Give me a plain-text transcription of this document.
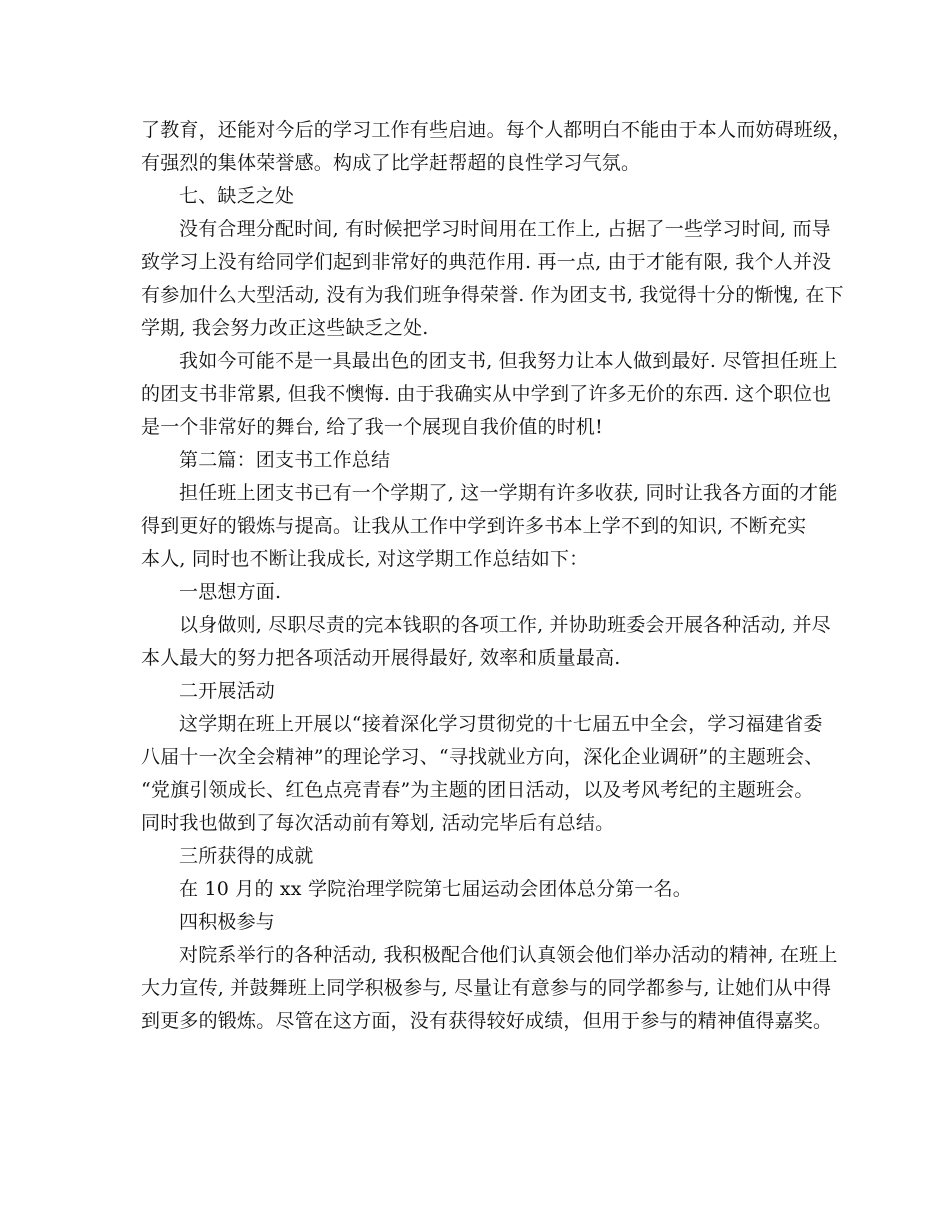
了教育，还能对今后的学习工作有些启迪。每个人都明白不能由于本人而妨碍班级，
有强烈的集体荣誉感。构成了比学赶帮超的良性学习气氛。
七、缺乏之处
没有合理分配时间, 有时候把学习时间用在工作上, 占据了一些学习时间, 而导
致学习上没有给同学们起到非常好的典范作用. 再一点, 由于才能有限, 我个人并没
有参加什么大型活动, 没有为我们班争得荣誉. 作为团支书, 我觉得十分的惭愧, 在下
学期, 我会努力改正这些缺乏之处.
我如今可能不是一具最出色的团支书, 但我努力让本人做到最好. 尽管担任班上
的团支书非常累, 但我不懊悔. 由于我确实从中学到了许多无价的东西. 这个职位也
是一个非常好的舞台, 给了我一个展现自我价值的时机!
第二篇：团支书工作总结
担任班上团支书已有一个学期了, 这一学期有许多收获, 同时让我各方面的才能
得到更好的锻炼与提高。让我从工作中学到许多书本上学不到的知识, 不断充实
本人, 同时也不断让我成长, 对这学期工作总结如下：
一思想方面.
以身做则, 尽职尽责的完本钱职的各项工作, 并协助班委会开展各种活动, 并尽
本人最大的努力把各项活动开展得最好, 效率和质量最高.
二开展活动
这学期在班上开展以“接着深化学习贯彻党的十七届五中全会，学习福建省委
八届十一次全会精神”的理论学习、“寻找就业方向，深化企业调研”的主题班会、
“党旗引领成长、红色点亮青春”为主题的团日活动，以及考风考纪的主题班会。
同时我也做到了每次活动前有筹划, 活动完毕后有总结。
三所获得的成就
在 10 月的 xx 学院治理学院第七届运动会团体总分第一名。
四积极参与
对院系举行的各种活动, 我积极配合他们认真领会他们举办活动的精神, 在班上
大力宣传, 并鼓舞班上同学积极参与, 尽量让有意参与的同学都参与, 让她们从中得
到更多的锻炼。尽管在这方面，没有获得较好成绩，但用于参与的精神值得嘉奖。
